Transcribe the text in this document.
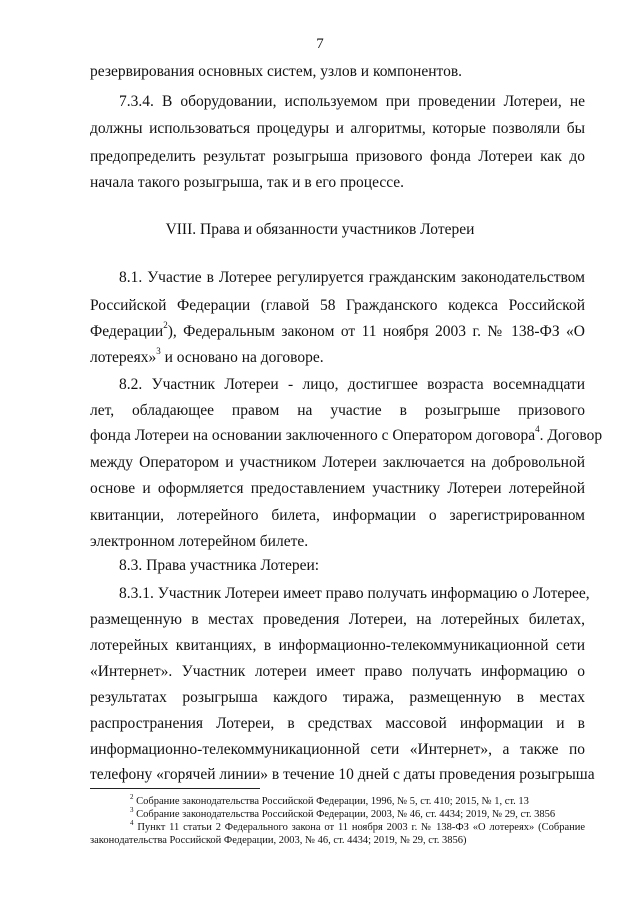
7
резервирования основных систем, узлов и компонентов.
7.3.4. В оборудовании, используемом при проведении Лотереи, не
должны использоваться процедуры и алгоритмы, которые позволяли бы
предопределить результат розыгрыша призового фонда Лотереи как до
начала такого розыгрыша, так и в его процессе.
VIII. Права и обязанности участников Лотереи
8.1. Участие в Лотерее регулируется гражданским законодательством
Российской Федерации (главой 58 Гражданского кодекса Российской
Федерации$^2$), Федеральным законом от 11 ноября 2003 г. № 138-ФЗ «О
лотереях»$^3$ и основано на договоре.
8.2. Участник Лотереи - лицо, достигшее возраста восемнадцати
лет, обладающее правом на участие в розыгрыше призового
фонда Лотереи на основании заключенного с Оператором договора$^4$. Договор
между Оператором и участником Лотереи заключается на добровольной
основе и оформляется предоставлением участнику Лотереи лотерейной
квитанции, лотерейного билета, информации о зарегистрированном
электронном лотерейном билете.
8.3. Права участника Лотереи:
8.3.1. Участник Лотереи имеет право получать информацию о Лотерее,
размещенную в местах проведения Лотереи, на лотерейных билетах,
лотерейных квитанциях, в информационно-телекоммуникационной сети
«Интернет». Участник лотереи имеет право получать информацию о
результатах розыгрыша каждого тиража, размещенную в местах
распространения Лотереи, в средствах массовой информации и в
информационно-телекоммуникационной сети «Интернет», а также по
телефону «горячей линии» в течение 10 дней с даты проведения розыгрыша
$^2$ Собрание законодательства Российской Федерации, 1996, № 5, ст. 410; 2015, № 1, ст. 13
$^3$ Собрание законодательства Российской Федерации, 2003, № 46, ст. 4434; 2019, № 29, ст. 3856
$^4$ Пункт 11 статьи 2 Федерального закона от 11 ноября 2003 г. № 138-ФЗ «О лотереях» (Собрание
законодательства Российской Федерации, 2003, № 46, ст. 4434; 2019, № 29, ст. 3856)
